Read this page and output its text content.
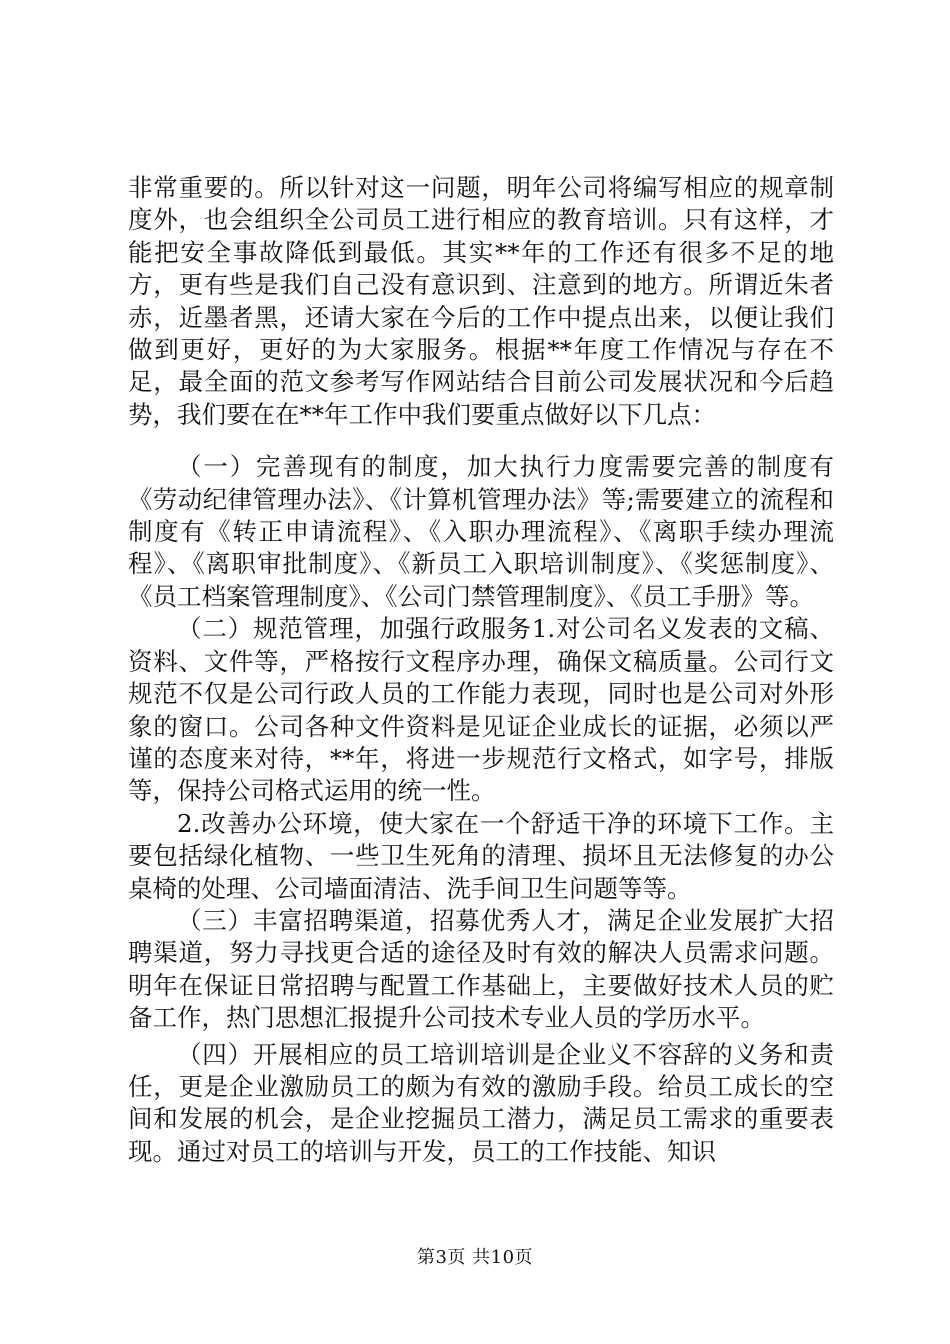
非常重要的。所以针对这一问题，明年公司将编写相应的规章制度外，也会组织全公司员工进行相应的教育培训。只有这样，才能把安全事故降低到最低。其实**年的工作还有很多不足的地方，更有些是我们自己没有意识到、注意到的地方。所谓近朱者赤，近墨者黑，还请大家在今后的工作中提点出来，以便让我们做到更好，更好的为大家服务。根据**年度工作情况与存在不足，最全面的范文参考写作网站结合目前公司发展状况和今后趋势，我们要在在**年工作中我们要重点做好以下几点：

（一）完善现有的制度，加大执行力度需要完善的制度有《劳动纪律管理办法》、《计算机管理办法》等;需要建立的流程和制度有《转正申请流程》、《入职办理流程》、《离职手续办理流程》、《离职审批制度》、《新员工入职培训制度》、《奖惩制度》、《员工档案管理制度》、《公司门禁管理制度》、《员工手册》等。

（二）规范管理，加强行政服务1.对公司名义发表的文稿、资料、文件等，严格按行文程序办理，确保文稿质量。公司行文规范不仅是公司行政人员的工作能力表现，同时也是公司对外形象的窗口。公司各种文件资料是见证企业成长的证据，必须以严谨的态度来对待，**年，将进一步规范行文格式，如字号，排版等，保持公司格式运用的统一性。

2.改善办公环境，使大家在一个舒适干净的环境下工作。主要包括绿化植物、一些卫生死角的清理、损坏且无法修复的办公桌椅的处理、公司墙面清洁、洗手间卫生问题等等。

（三）丰富招聘渠道，招募优秀人才，满足企业发展扩大招聘渠道，努力寻找更合适的途径及时有效的解决人员需求问题。明年在保证日常招聘与配置工作基础上，主要做好技术人员的贮备工作，热门思想汇报提升公司技术专业人员的学历水平。

（四）开展相应的员工培训培训是企业义不容辞的义务和责任，更是企业激励员工的颇为有效的激励手段。给员工成长的空间和发展的机会，是企业挖掘员工潜力，满足员工需求的重要表现。通过对员工的培训与开发，员工的工作技能、知识

第3页 共10页
